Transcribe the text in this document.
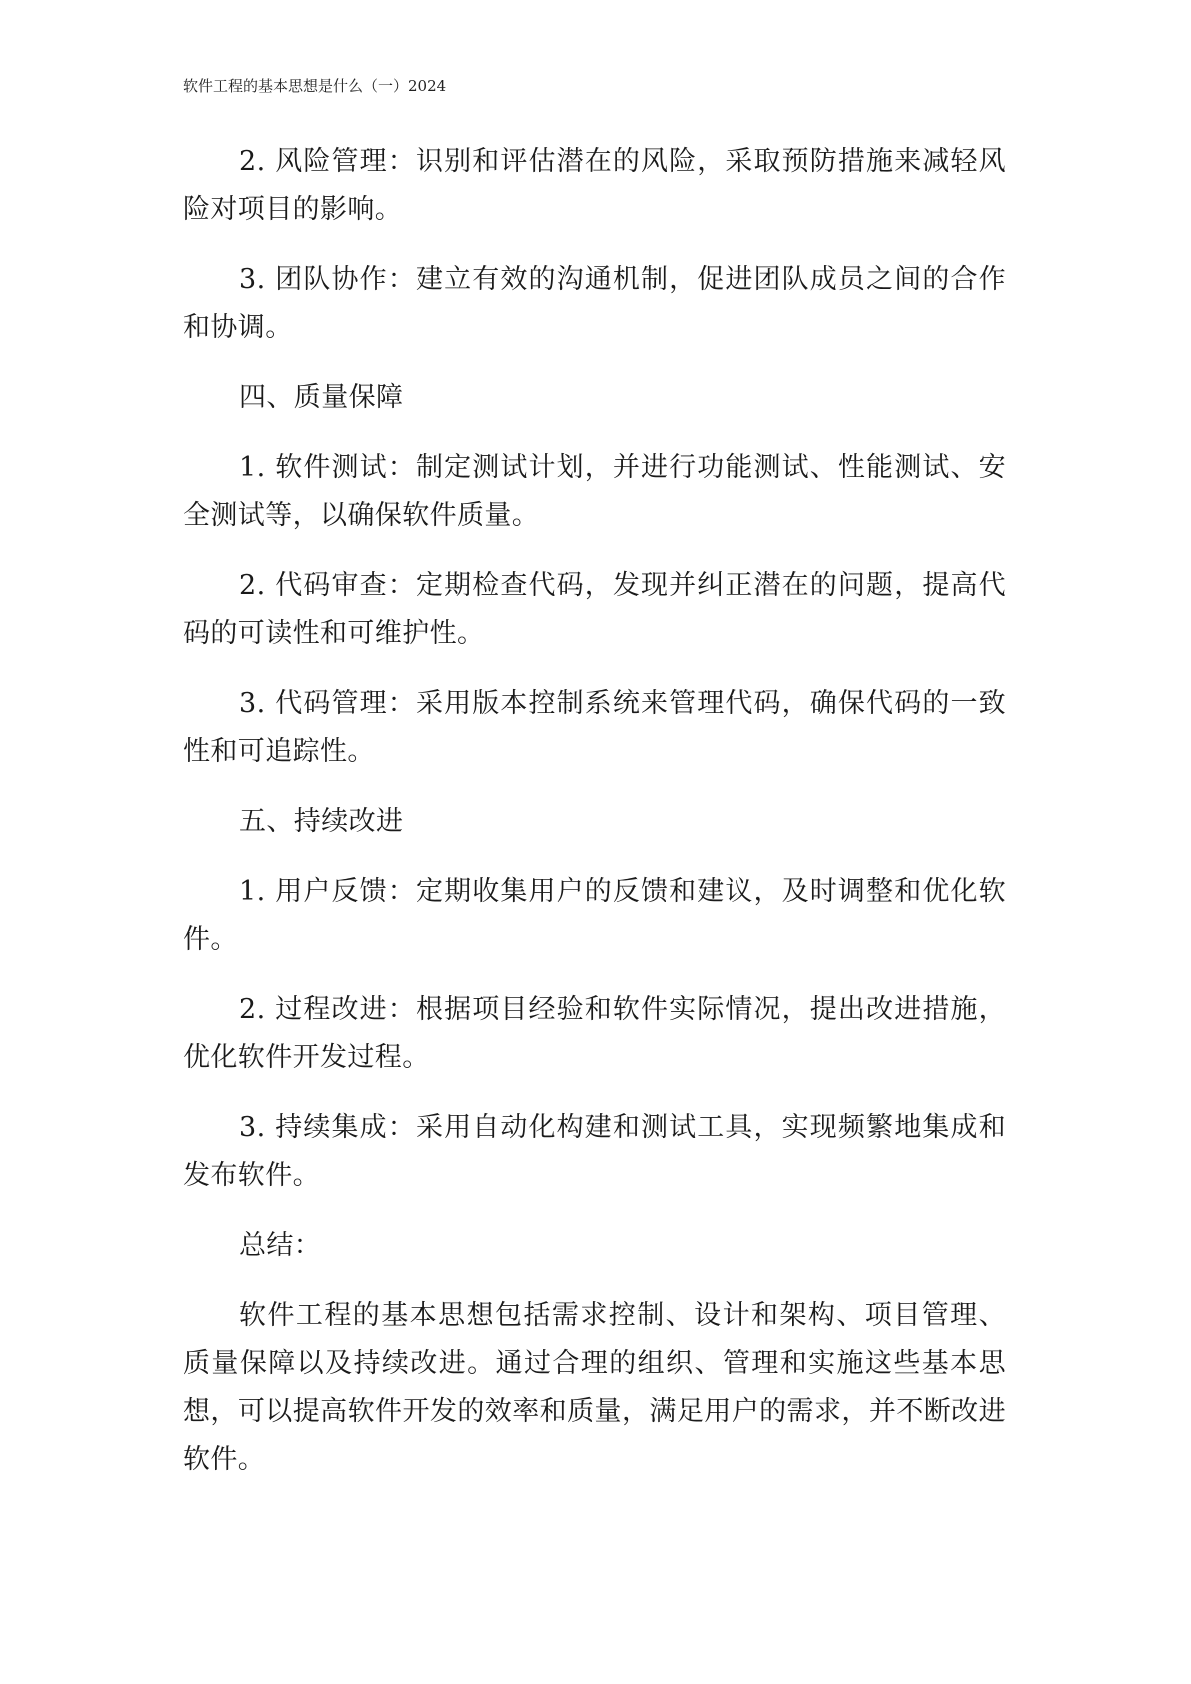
软件工程的基本思想是什么（一）2024

2. 风险管理：识别和评估潜在的风险，采取预防措施来减轻风险对项目的影响。

3. 团队协作：建立有效的沟通机制，促进团队成员之间的合作和协调。

四、质量保障

1. 软件测试：制定测试计划，并进行功能测试、性能测试、安全测试等，以确保软件质量。

2. 代码审查：定期检查代码，发现并纠正潜在的问题，提高代码的可读性和可维护性。

3. 代码管理：采用版本控制系统来管理代码，确保代码的一致性和可追踪性。

五、持续改进

1. 用户反馈：定期收集用户的反馈和建议，及时调整和优化软件。

2. 过程改进：根据项目经验和软件实际情况，提出改进措施，优化软件开发过程。

3. 持续集成：采用自动化构建和测试工具，实现频繁地集成和发布软件。

总结：

软件工程的基本思想包括需求控制、设计和架构、项目管理、质量保障以及持续改进。通过合理的组织、管理和实施这些基本思想，可以提高软件开发的效率和质量，满足用户的需求，并不断改进软件。
